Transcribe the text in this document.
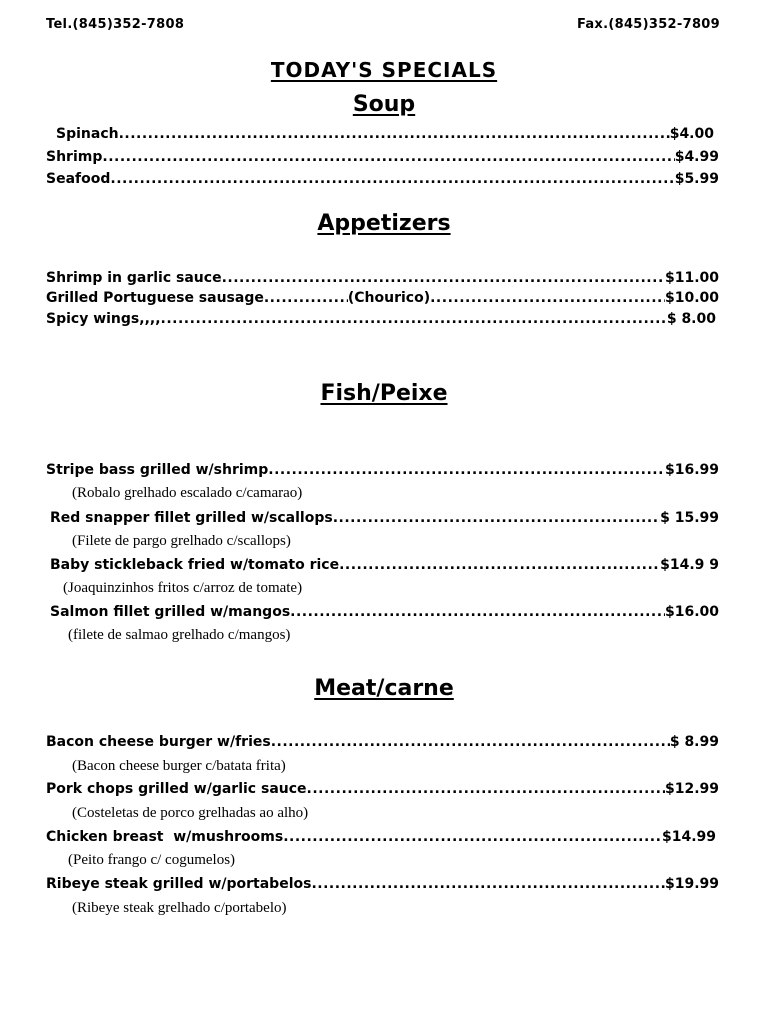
Tel.(845)352-7808	Fax.(845)352-7809
TODAY'S SPECIALS
Soup
Spinach .....	$4.00
Shrimp .....	$4.99
Seafood .....	$5.99
Appetizers
Shrimp in garlic sauce .....	$11.00
Grilled Portuguese sausage .....	(Chourico) .....	$10.00
Spicy wings,,,, .....	$ 8.00
Fish/Peixe
Stripe bass grilled w/shrimp .....	$16.99
(Robalo grelhado escalado c/camarao)
Red snapper fillet grilled w/scallops .....	$ 15.99
(Filete de pargo grelhado c/scallops)
Baby stickleback fried w/tomato rice .....	$14.9 9
(Joaquinzinhos fritos c/arroz de tomate)
Salmon fillet grilled w/mangos .....	$16.00
(filete de salmao grelhado c/mangos)
Meat/carne
Bacon cheese burger w/fries .....	$ 8.99
(Bacon cheese burger c/batata frita)
Pork chops grilled w/garlic sauce .....	$12.99
(Costeletas de porco grelhadas ao alho)
Chicken breast  w/mushrooms .....	$14.99
(Peito frango c/ cogumelos)
Ribeye steak grilled w/portabelos .....	$19.99
(Ribeye steak grelhado c/portabelo)
